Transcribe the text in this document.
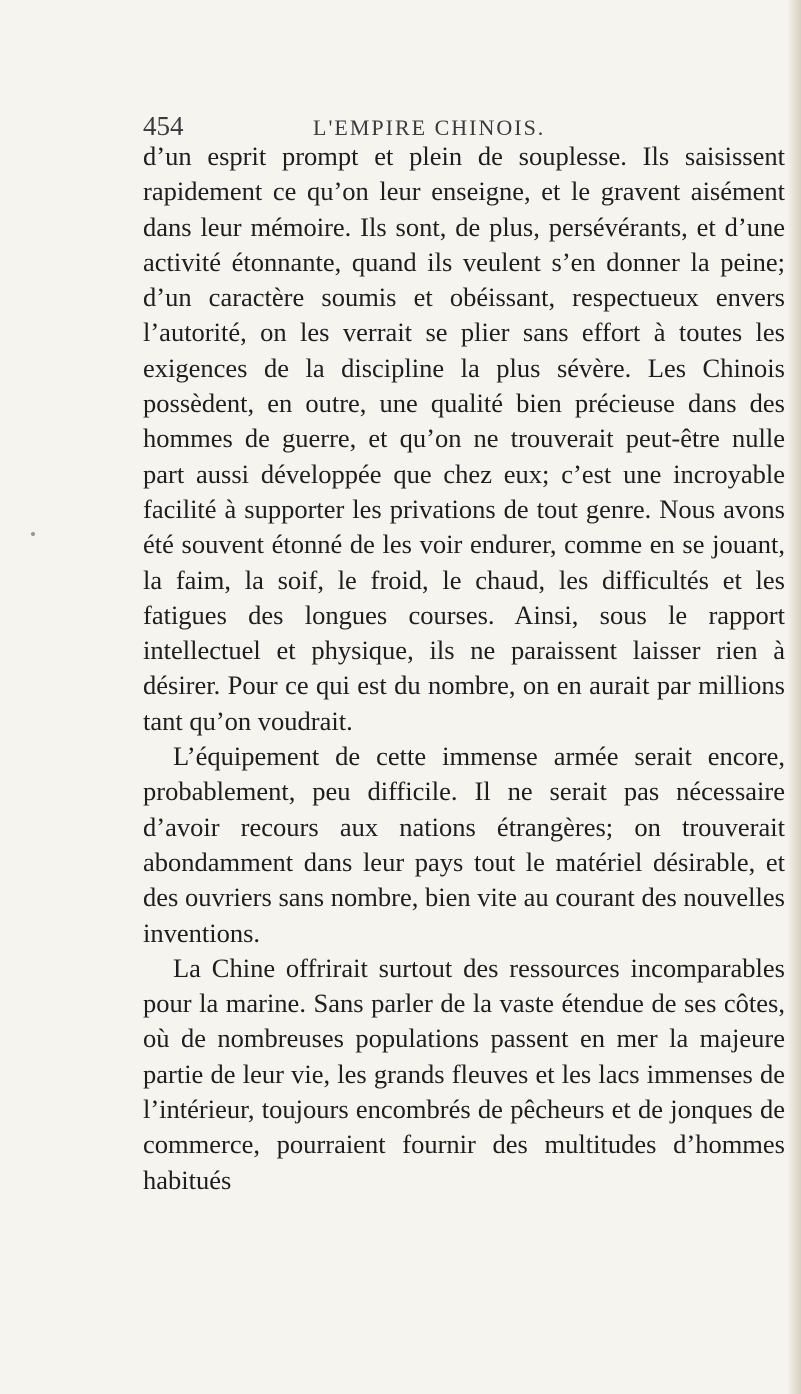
454	L'EMPIRE CHINOIS.

d’un esprit prompt et plein de souplesse. Ils saisissent rapidement ce qu’on leur enseigne, et le gravent aisément dans leur mémoire. Ils sont, de plus, persévérants, et d’une activité étonnante, quand ils veulent s’en donner la peine; d’un caractère soumis et obéissant, respectueux envers l’autorité, on les verrait se plier sans effort à toutes les exigences de la discipline la plus sévère. Les Chinois possèdent, en outre, une qualité bien précieuse dans des hommes de guerre, et qu’on ne trouverait peut-être nulle part aussi développée que chez eux; c’est une incroyable facilité à supporter les privations de tout genre. Nous avons été souvent étonné de les voir endurer, comme en se jouant, la faim, la soif, le froid, le chaud, les difficultés et les fatigues des longues courses. Ainsi, sous le rapport intellectuel et physique, ils ne paraissent laisser rien à désirer. Pour ce qui est du nombre, on en aurait par millions tant qu’on voudrait.

L’équipement de cette immense armée serait encore, probablement, peu difficile. Il ne serait pas nécessaire d’avoir recours aux nations étrangères; on trouverait abondamment dans leur pays tout le matériel désirable, et des ouvriers sans nombre, bien vite au courant des nouvelles inventions.

La Chine offrirait surtout des ressources incomparables pour la marine. Sans parler de la vaste étendue de ses côtes, où de nombreuses populations passent en mer la majeure partie de leur vie, les grands fleuves et les lacs immenses de l’intérieur, toujours encombrés de pêcheurs et de jonques de commerce, pourraient fournir des multitudes d’hommes habitués
